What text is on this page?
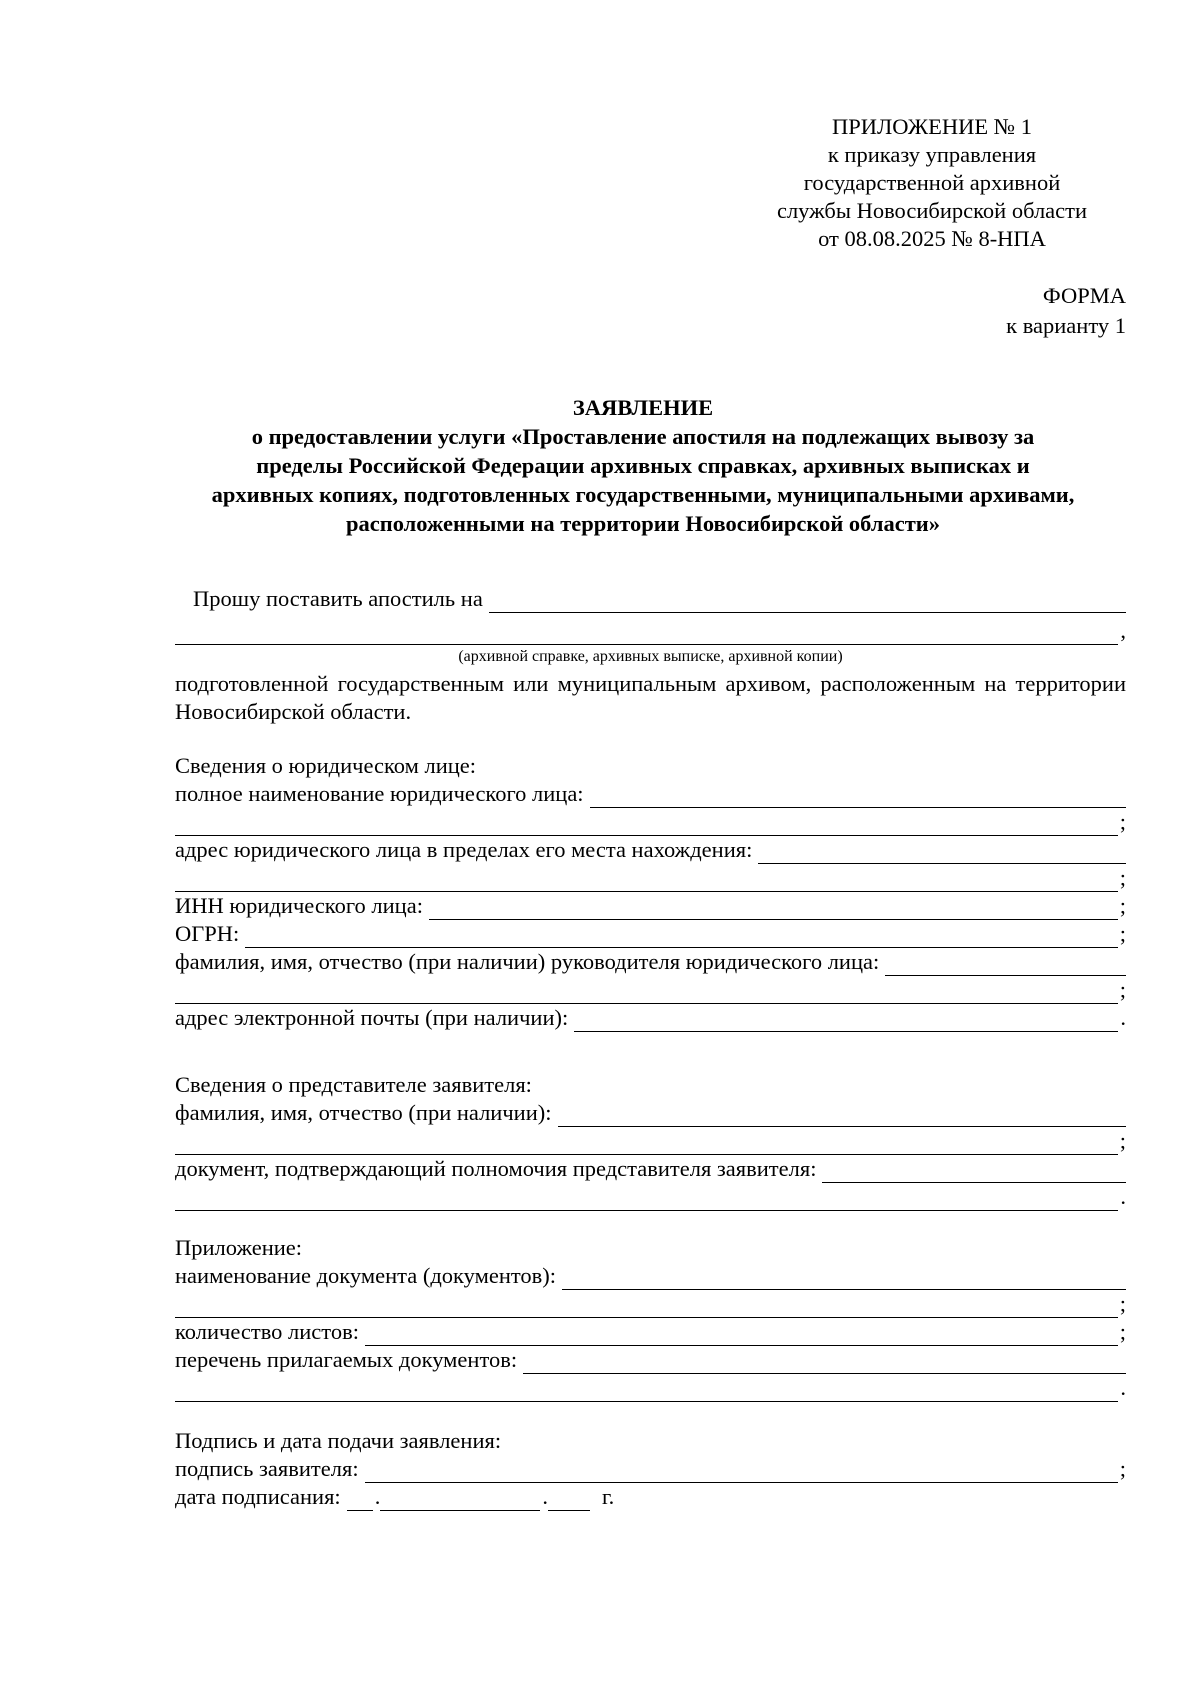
ПРИЛОЖЕНИЕ № 1
к приказу управления
государственной архивной
службы Новосибирской области
от 08.08.2025 № 8-НПА
ФОРМА
к варианту 1
ЗАЯВЛЕНИЕ
о предоставлении услуги «Проставление апостиля на подлежащих вывозу за
пределы Российской Федерации архивных справках, архивных выписках и
архивных копиях, подготовленных государственными, муниципальными архивами,
расположенными на территории Новосибирской области»
Прошу поставить апостиль на
,
(архивной справке, архивных выписке, архивной копии)
подготовленной государственным или муниципальным архивом, расположенным на территории Новосибирской области.
Сведения о юридическом лице:
полное наименование юридического лица:
;
адрес юридического лица в пределах его места нахождения:
;
ИНН юридического лица:	;
ОГРН:	;
фамилия, имя, отчество (при наличии) руководителя юридического лица:
;
адрес электронной почты (при наличии):	.
Сведения о представителе заявителя:
фамилия, имя, отчество (при наличии):
;
документ, подтверждающий полномочия представителя заявителя:
.
Приложение:
наименование документа (документов):
;
количество листов:	;
перечень прилагаемых документов:
.
Подпись и дата подачи заявления:
подпись заявителя:	;
дата подписания: .	. г.
